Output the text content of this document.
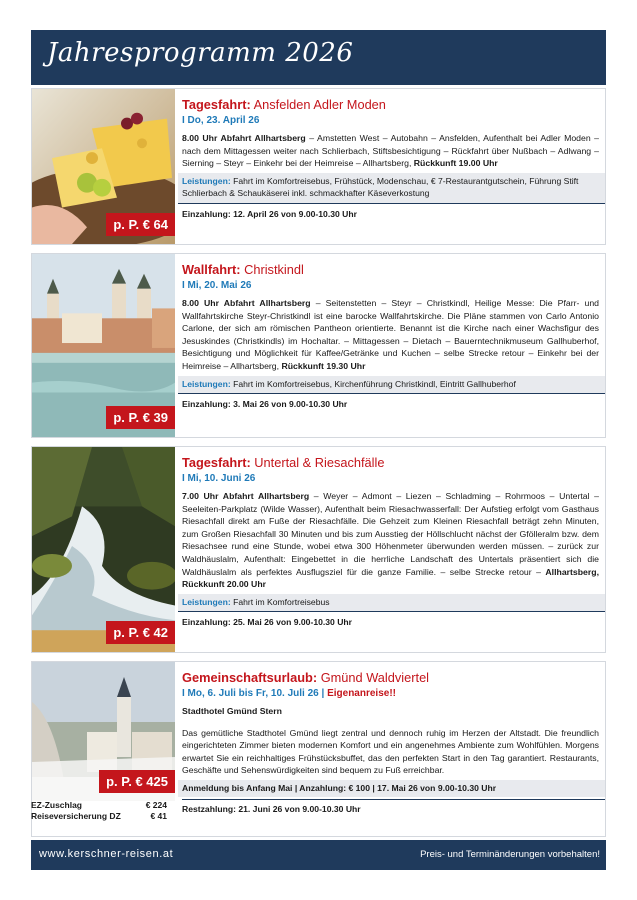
Jahresprogramm 2026
p. P. € 64
Tagesfahrt: Ansfelden Adler Moden
I Do, 23. April 26
8.00 Uhr Abfahrt Allhartsberg – Amstetten West – Autobahn – Ansfelden, Aufenthalt bei Adler Moden – nach dem Mittagessen weiter nach Schlierbach, Stiftsbesichtigung – Rückfahrt über Nußbach – Adlwang – Sierning – Steyr – Einkehr bei der Heimreise – Allhartsberg, Rückkunft 19.00 Uhr
Leistungen: Fahrt im Komfortreisebus, Frühstück, Modenschau, € 7-Restaurantgutschein, Führung Stift Schlierbach & Schaukäserei inkl. schmackhafter Käseverkostung
Einzahlung: 12. April 26 von 9.00-10.30 Uhr
p. P. € 39
Wallfahrt: Christkindl
I Mi, 20. Mai 26
8.00 Uhr Abfahrt Allhartsberg – Seitenstetten – Steyr – Christkindl, Heilige Messe: Die Pfarr- und Wallfahrtskirche Steyr-Christkindl ist eine barocke Wallfahrtskirche. Die Pläne stammen von Carlo Antonio Carlone, der sich am römischen Pantheon orientierte. Benannt ist die Kirche nach einer Wachsfigur des Jesuskindes (Christkindls) im Hochaltar. – Mittagessen – Dietach – Bauerntechnikmuseum Gallhuberhof, Besichtigung und Möglichkeit für Kaffee/Getränke und Kuchen – selbe Strecke retour – Einkehr bei der Heimreise – Allhartsberg, Rückkunft 19.30 Uhr
Leistungen: Fahrt im Komfortreisebus, Kirchenführung Christkindl, Eintritt Gallhuberhof
Einzahlung: 3. Mai 26 von 9.00-10.30 Uhr
p. P. € 42
Tagesfahrt: Untertal & Riesachfälle
I Mi, 10. Juni 26
7.00 Uhr Abfahrt Allhartsberg – Weyer – Admont – Liezen – Schladming – Rohrmoos – Untertal – Seeleiten-Parkplatz (Wilde Wasser), Aufenthalt beim Riesachwasserfall: Der Aufstieg erfolgt vom Gasthaus Riesachfall direkt am Fuße der Riesachfälle. Die Gehzeit zum Kleinen Riesachfall beträgt zehn Minuten, zum Großen Riesachfall 30 Minuten und bis zum Ausstieg der Höllschlucht nächst der Gfölleralm bzw. dem Riesachsee rund eine Stunde, wobei etwa 300 Höhenmeter überwunden werden müssen. – zurück zur Waldhäuslalm, Aufenthalt: Eingebettet in die herrliche Landschaft des Untertals präsentiert sich die Waldhäuslalm als perfektes Ausflugsziel für die ganze Familie. – selbe Strecke retour – Allhartsberg, Rückkunft 20.00 Uhr
Leistungen: Fahrt im Komfortreisebus
Einzahlung: 25. Mai 26 von 9.00-10.30 Uhr
p. P. € 425
Gemeinschaftsurlaub: Gmünd Waldviertel
I Mo, 6. Juli bis Fr, 10. Juli 26 | Eigenanreise!!
Stadthotel Gmünd Stern
Das gemütliche Stadthotel Gmünd liegt zentral und dennoch ruhig im Herzen der Altstadt. Die freundlich eingerichteten Zimmer bieten modernen Komfort und ein angenehmes Ambiente zum Wohlfühlen. Morgens erwartet Sie ein reichhaltiges Frühstücksbuffet, das den perfekten Start in den Tag garantiert. Restaurants, Geschäfte und Sehenswürdigkeiten sind bequem zu Fuß erreichbar.
Anmeldung bis Anfang Mai | Anzahlung: € 100 | 17. Mai 26 von 9.00-10.30 Uhr
Restzahlung: 21. Juni 26 von 9.00-10.30 Uhr
EZ-Zuschlag	€ 224
Reiseversicherung DZ	€ 41
www.kerschner-reisen.at	Preis- und Terminänderungen vorbehalten!
